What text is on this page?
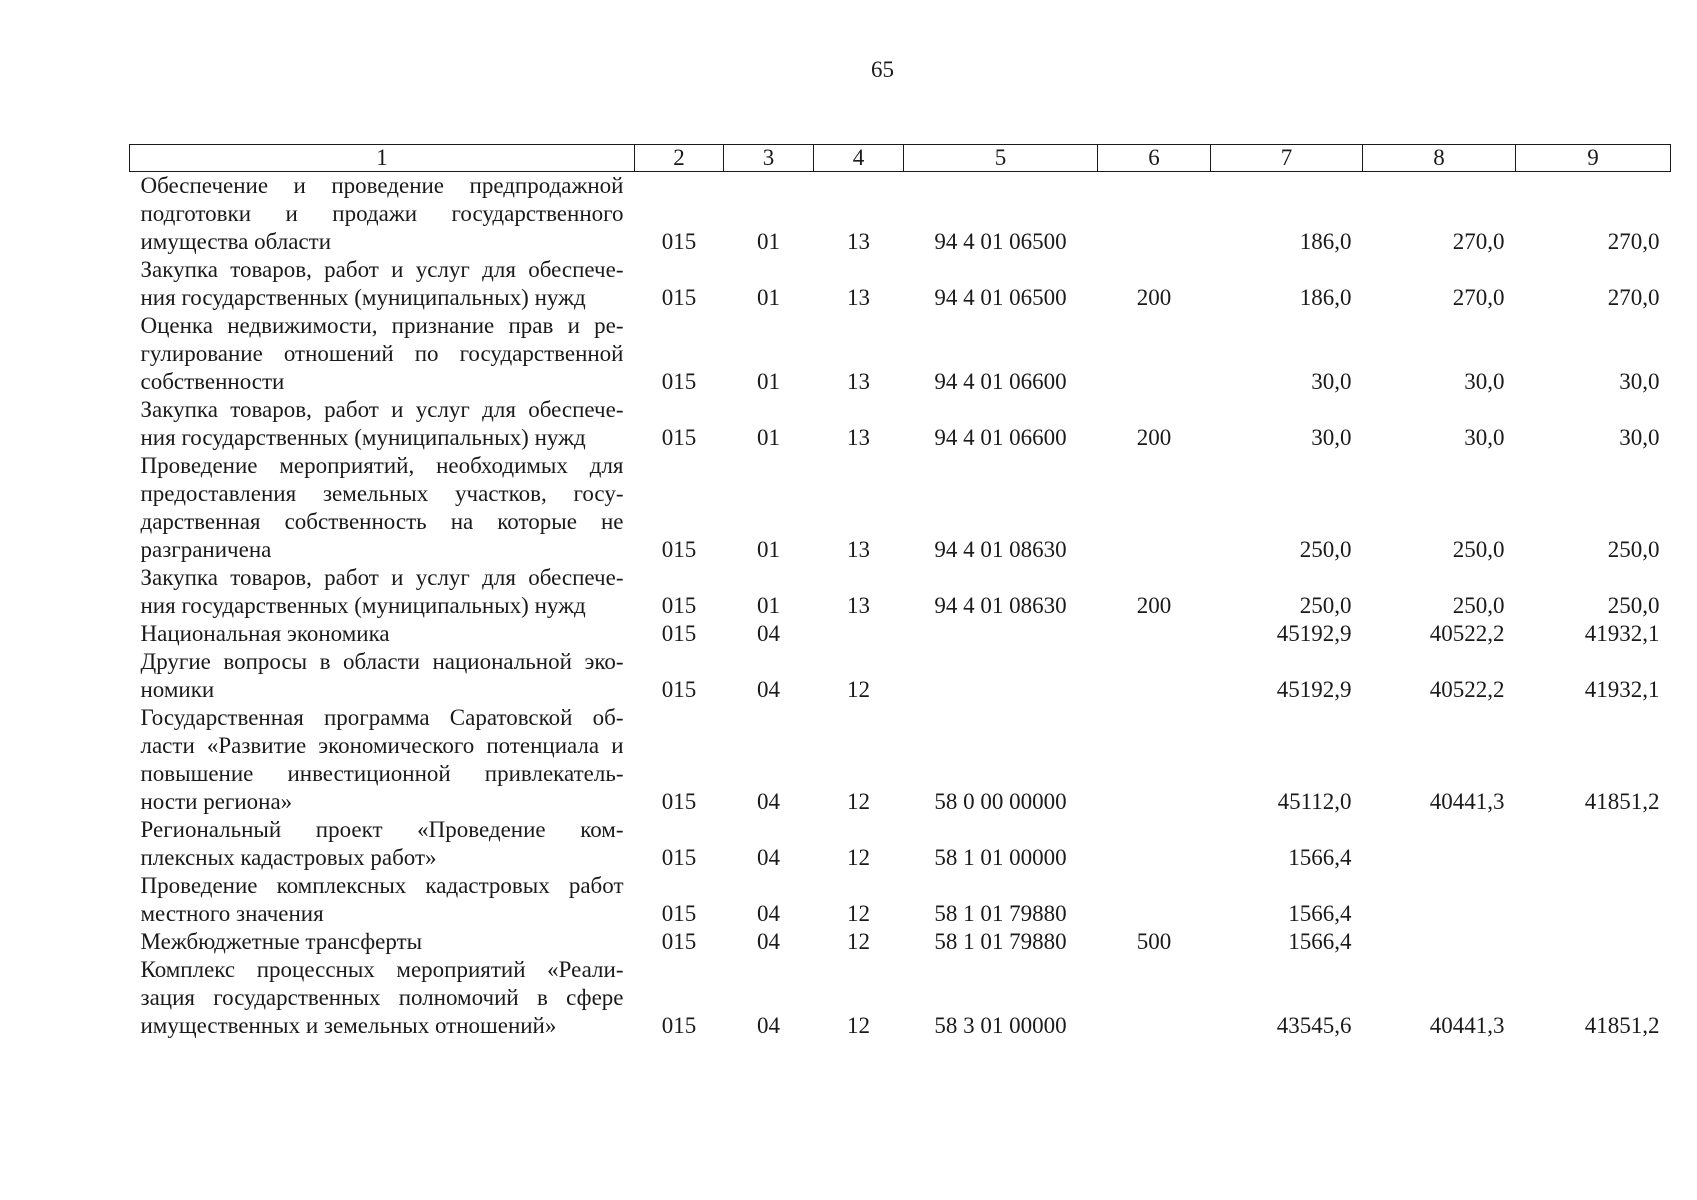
65
1	2	3	4	5	6	7	8	9
Обеспечение и проведение предпродажной подготовки и продажи государственного имущества области	015	01	13	94 4 01 06500		186,0	270,0	270,0
Закупка товаров, работ и услуг для обеспече- ния государственных (муниципальных) нужд	015	01	13	94 4 01 06500	200	186,0	270,0	270,0
Оценка недвижимости, признание прав и ре- гулирование отношений по государственной собственности	015	01	13	94 4 01 06600		30,0	30,0	30,0
Закупка товаров, работ и услуг для обеспече- ния государственных (муниципальных) нужд	015	01	13	94 4 01 06600	200	30,0	30,0	30,0
Проведение мероприятий, необходимых для предоставления земельных участков, госу- дарственная собственность на которые не разграничена	015	01	13	94 4 01 08630		250,0	250,0	250,0
Закупка товаров, работ и услуг для обеспече- ния государственных (муниципальных) нужд	015	01	13	94 4 01 08630	200	250,0	250,0	250,0
Национальная экономика	015	04				45192,9	40522,2	41932,1
Другие вопросы в области национальной эко- номики	015	04	12			45192,9	40522,2	41932,1
Государственная программа Саратовской об- ласти «Развитие экономического потенциала и повышение инвестиционной привлекатель- ности региона»	015	04	12	58 0 00 00000		45112,0	40441,3	41851,2
Региональный проект «Проведение ком- плексных кадастровых работ»	015	04	12	58 1 01 00000		1566,4		
Проведение комплексных кадастровых работ местного значения	015	04	12	58 1 01 79880		1566,4		
Межбюджетные трансферты	015	04	12	58 1 01 79880	500	1566,4		
Комплекс процессных мероприятий «Реали- зация государственных полномочий в сфере имущественных и земельных отношений»	015	04	12	58 3 01 00000		43545,6	40441,3	41851,2
